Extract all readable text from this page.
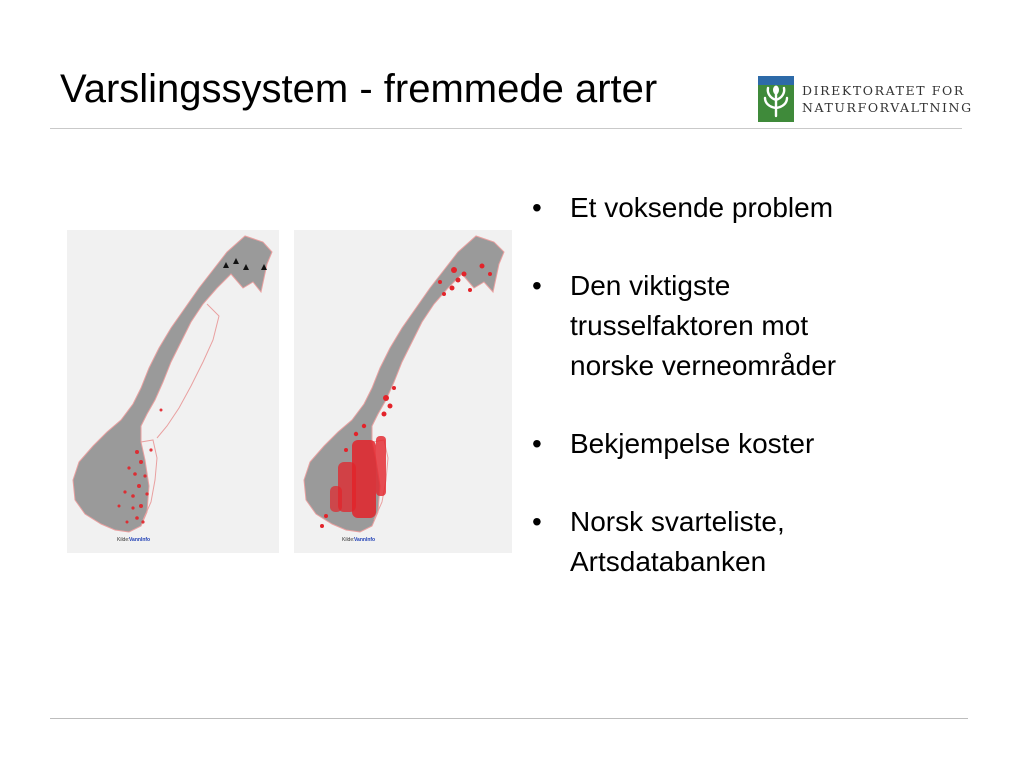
Varslingssystem - fremmede arter	DIREKTORATET FOR
NATURFORVALTNING
Kilde: VannInfo	Kilde: VannInfo
• Et voksende problem
• Den viktigste
trusselfaktoren mot
norske verneområder
• Bekjempelse koster
• Norsk svarteliste,
Artsdatabanken
